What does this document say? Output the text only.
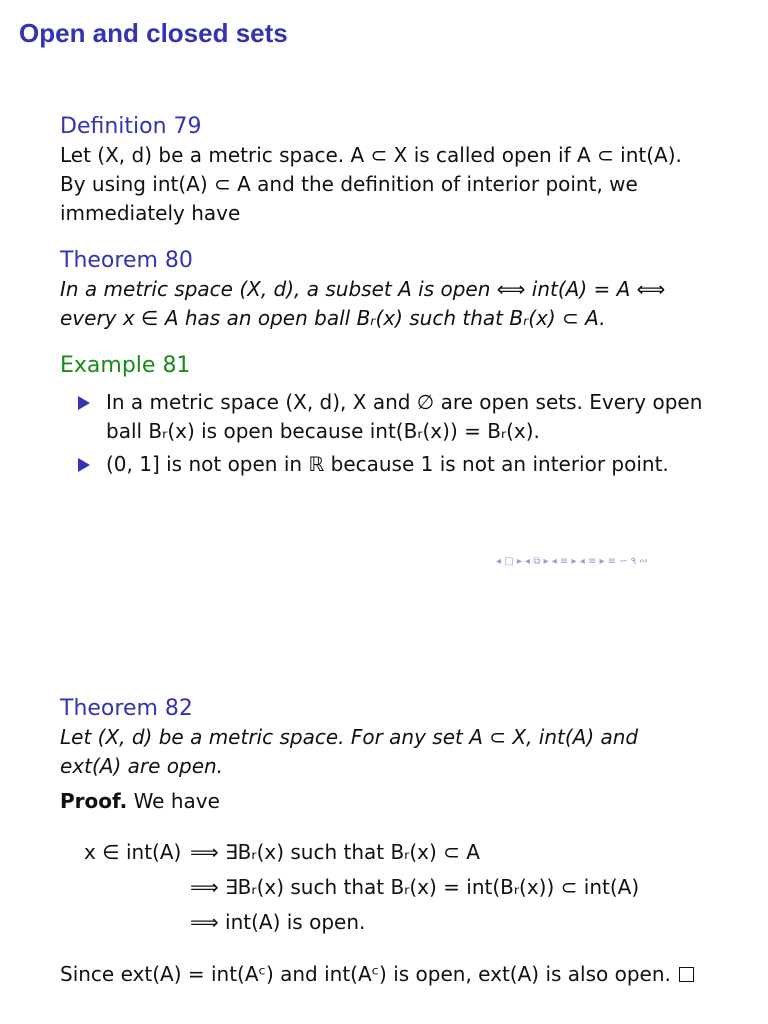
Open and closed sets
Definition 79
Let (X, d) be a metric space. A ⊂ X is called open if A ⊂ int(A).
By using int(A) ⊂ A and the definition of interior point, we
immediately have
Theorem 80
In a metric space (X, d), a subset A is open ⟺ int(A) = A ⟺
every x ∈ A has an open ball Bᵣ(x) such that Bᵣ(x) ⊂ A.
Example 81
In a metric space (X, d), X and ∅ are open sets. Every open ball Bᵣ(x) is open because int(Bᵣ(x)) = Bᵣ(x).
(0, 1] is not open in ℝ because 1 is not an interior point.
◂ □ ▸ ◂ ⧉ ▸ ◂ ≡ ▸ ◂ ≡ ▸ ≡ ∽ ۹ ∾
Theorem 82
Let (X, d) be a metric space. For any set A ⊂ X, int(A) and
ext(A) are open.
Proof. We have
x ∈ int(A) ⟹ ∃Bᵣ(x) such that Bᵣ(x) ⊂ A
⟹ ∃Bᵣ(x) such that Bᵣ(x) = int(Bᵣ(x)) ⊂ int(A)
⟹ int(A) is open.
Since ext(A) = int(Aᶜ) and int(Aᶜ) is open, ext(A) is also open.
